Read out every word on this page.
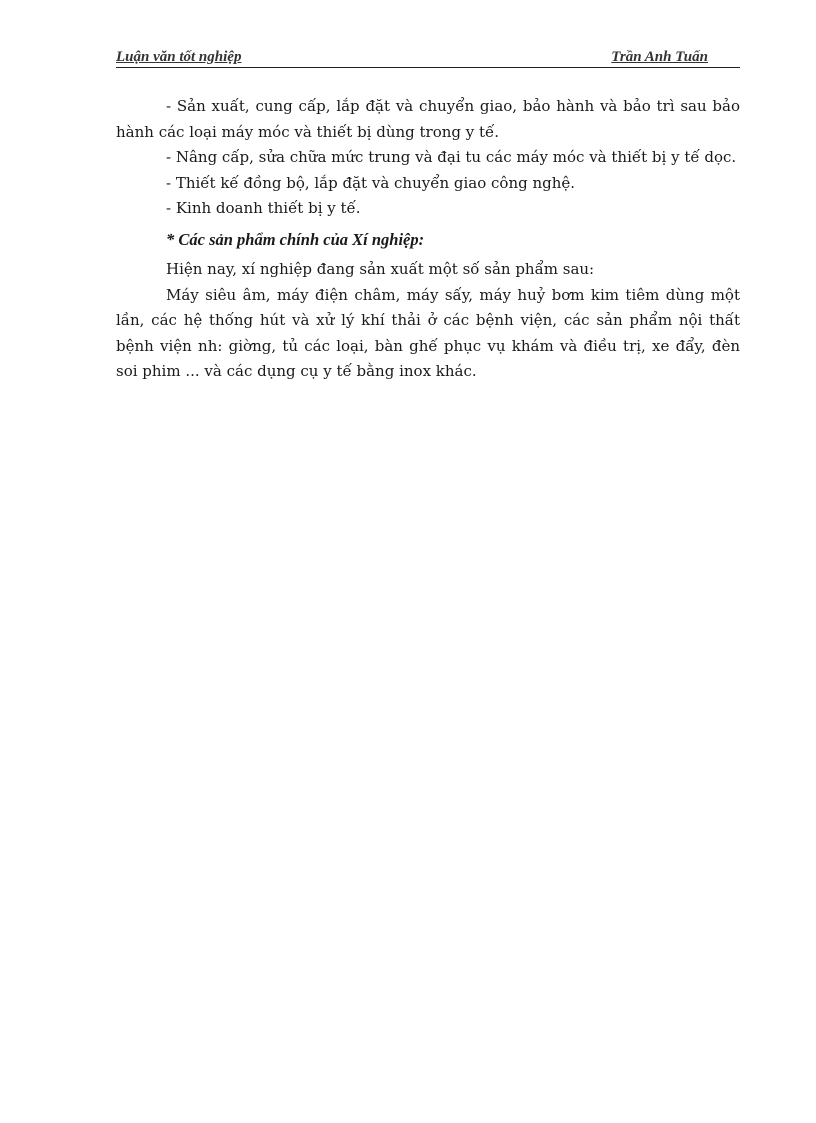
Luận văn tốt nghiệp	Trần Anh Tuấn

- Sản xuất, cung cấp, lắp đặt và chuyển giao, bảo hành và bảo trì sau bảo hành các loại máy móc và thiết bị dùng trong y tế.

- Nâng cấp, sửa chữa mức trung và đại tu các máy móc và thiết bị y tế dọc.

- Thiết kế đồng bộ, lắp đặt và chuyển giao công nghệ.

- Kinh doanh thiết bị y tế.

* Các sản phẩm chính của Xí nghiệp:

Hiện nay, xí nghiệp đang sản xuất một số sản phẩm sau:

Máy siêu âm, máy điện châm, máy sấy, máy huỷ bơm kim tiêm dùng một lần, các hệ thống hút và xử lý khí thải ở các bệnh viện, các sản phẩm nội thất bệnh viện nh: giờng, tủ các loại, bàn ghế phục vụ khám và điều trị, xe đẩy, đèn soi phim ... và các dụng cụ y tế bằng inox khác.
